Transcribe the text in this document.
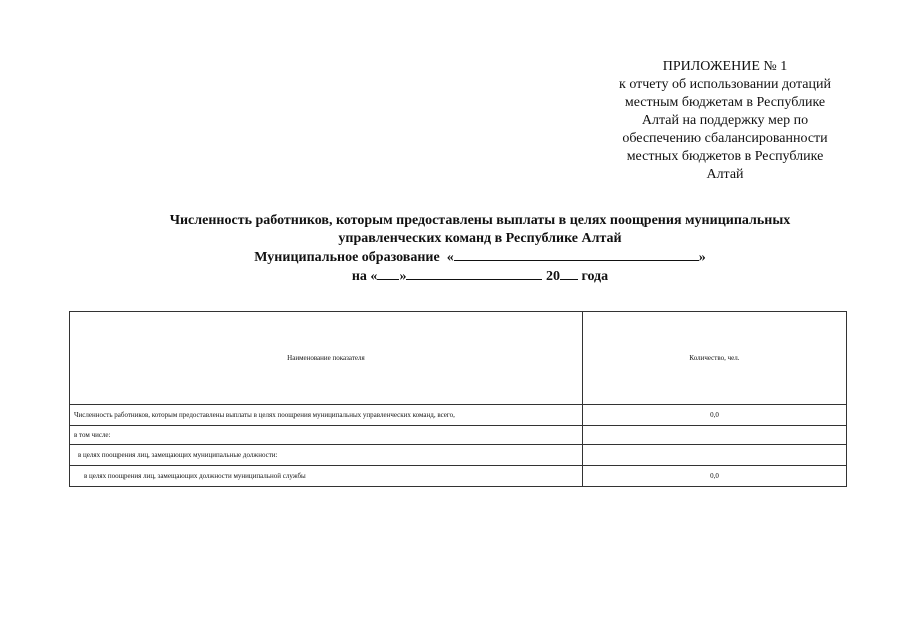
ПРИЛОЖЕНИЕ № 1
к отчету об использовании дотаций
местным бюджетам в Республике
Алтай на поддержку мер по
обеспечению сбалансированности
местных бюджетов в Республике
Алтай
Численность работников, которым предоставлены выплаты в целях поощрения муниципальных
управленческих команд в Республике Алтай
Муниципальное образование «	»
на « »	20 года
Наименование показателя	Количество, чел.
Численность работников, которым предоставлены выплаты в целях поощрения муниципальных управленческих команд, всего,	0,0
в том числе:	
в целях поощрения лиц, замещающих муниципальные должности:	
в целях поощрения лиц, замещающих должности муниципальной службы	0,0
